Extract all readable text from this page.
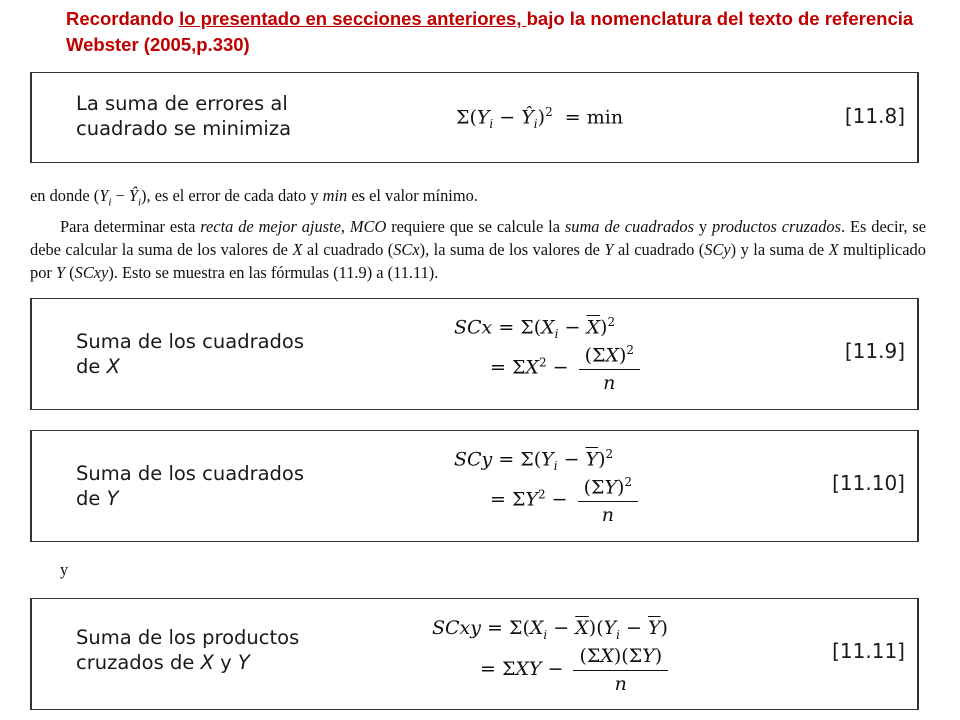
Recordando lo presentado en secciones anteriores, bajo la nomenclatura del texto de referencia Webster (2005,p.330)
La suma de errores al
cuadrado se minimiza	$\Sigma(Y_i$ − $Ŷ_i)^2 = \min$	[11.8]
en donde ($Y_i$ − $Ŷ_i$), es el error de cada dato y min es el valor mínimo.
Para determinar esta recta de mejor ajuste, MCO requiere que se calcule la suma de cuadrados y productos cruzados. Es decir, se debe calcular la suma de los valores de X al cuadrado (SCx), la suma de los valores de Y al cuadrado (SCy) y la suma de X multiplicado por Y (SCxy). Esto se muestra en las fórmulas (11.9) a (11.11).
Suma de los cuadrados
de X
SCx = $\Sigma(X_i - \overline{X})^2$
= $\Sigma X^2 - \frac{(\Sigma X)^2}{n}$	[11.9]
Suma de los cuadrados
de Y
SCy = $\Sigma(Y_i - \overline{Y})^2$
= $\Sigma Y^2 - \frac{(\Sigma Y)^2}{n}$	[11.10]
y
Suma de los productos
cruzados de X y Y
SCxy = $\Sigma(X_i - \overline{X})(Y_i - \overline{Y})$
= $\Sigma XY - \frac{(\Sigma X)(\Sigma Y)}{n}$	[11.11]
